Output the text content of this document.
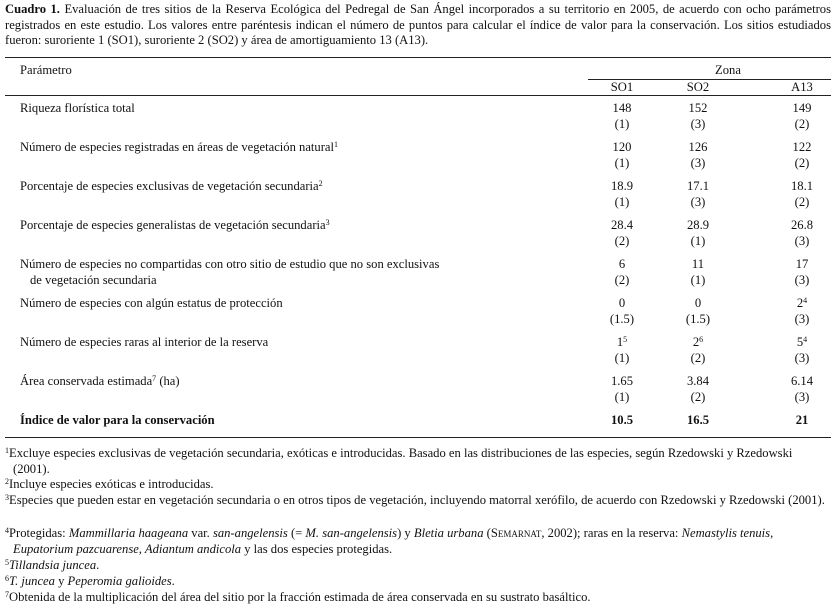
Cuadro 1. Evaluación de tres sitios de la Reserva Ecológica del Pedregal de San Ángel incorporados a su territorio en 2005, de acuerdo con ocho parámetros registrados en este estudio. Los valores entre paréntesis indican el número de puntos para calcular el índice de valor para la conservación. Los sitios estudiados fueron: suroriente 1 (SO1), suroriente 2 (SO2) y área de amortiguamiento 13 (A13).
Parámetro	Zona
SO1	SO2	A13
Riqueza florística total	148	152	149
(1)	(3)	(2)
Número de especies registradas en áreas de vegetación natural$^1$	120	126	122
(1)	(3)	(2)
Porcentaje de especies exclusivas de vegetación secundaria$^2$	18.9	17.1	18.1
(1)	(3)	(2)
Porcentaje de especies generalistas de vegetación secundaria$^3$	28.4	28.9	26.8
(2)	(1)	(3)
Número de especies no compartidas con otro sitio de estudio que no son exclusivas
de vegetación secundaria
6	11	17
(2)	(1)	(3)
Número de especies con algún estatus de protección	0	0	$2^4$
(1.5)	(1.5)	(3)
Número de especies raras al interior de la reserva	$1^5$	$2^6$	$5^4$
(1)	(2)	(3)
Área conservada estimada$^7$ (ha)	1.65	3.84	6.14
(1)	(2)	(3)
Índice de valor para la conservación	10.5	16.5	21
$^1$Excluye especies exclusivas de vegetación secundaria, exóticas e introducidas. Basado en las distribuciones de las especies, según Rzedowski y Rzedowski (2001).
$^2$Incluye especies exóticas e introducidas.
$^3$Especies que pueden estar en vegetación secundaria o en otros tipos de vegetación, incluyendo matorral xerófilo, de acuerdo con Rzedowski y Rzedowski (2001).
$^4$Protegidas: Mammillaria haageana var. san-angelensis (= M. san-angelensis) y Bletia urbana (Semarnat, 2002); raras en la reserva: Nemastylis tenuis, Eupatorium pazcuarense, Adiantum andicola y las dos especies protegidas.
$^5$Tillandsia juncea.
$^6$T. juncea y Peperomia galioides.
$^7$Obtenida de la multiplicación del área del sitio por la fracción estimada de área conservada en su sustrato basáltico.
